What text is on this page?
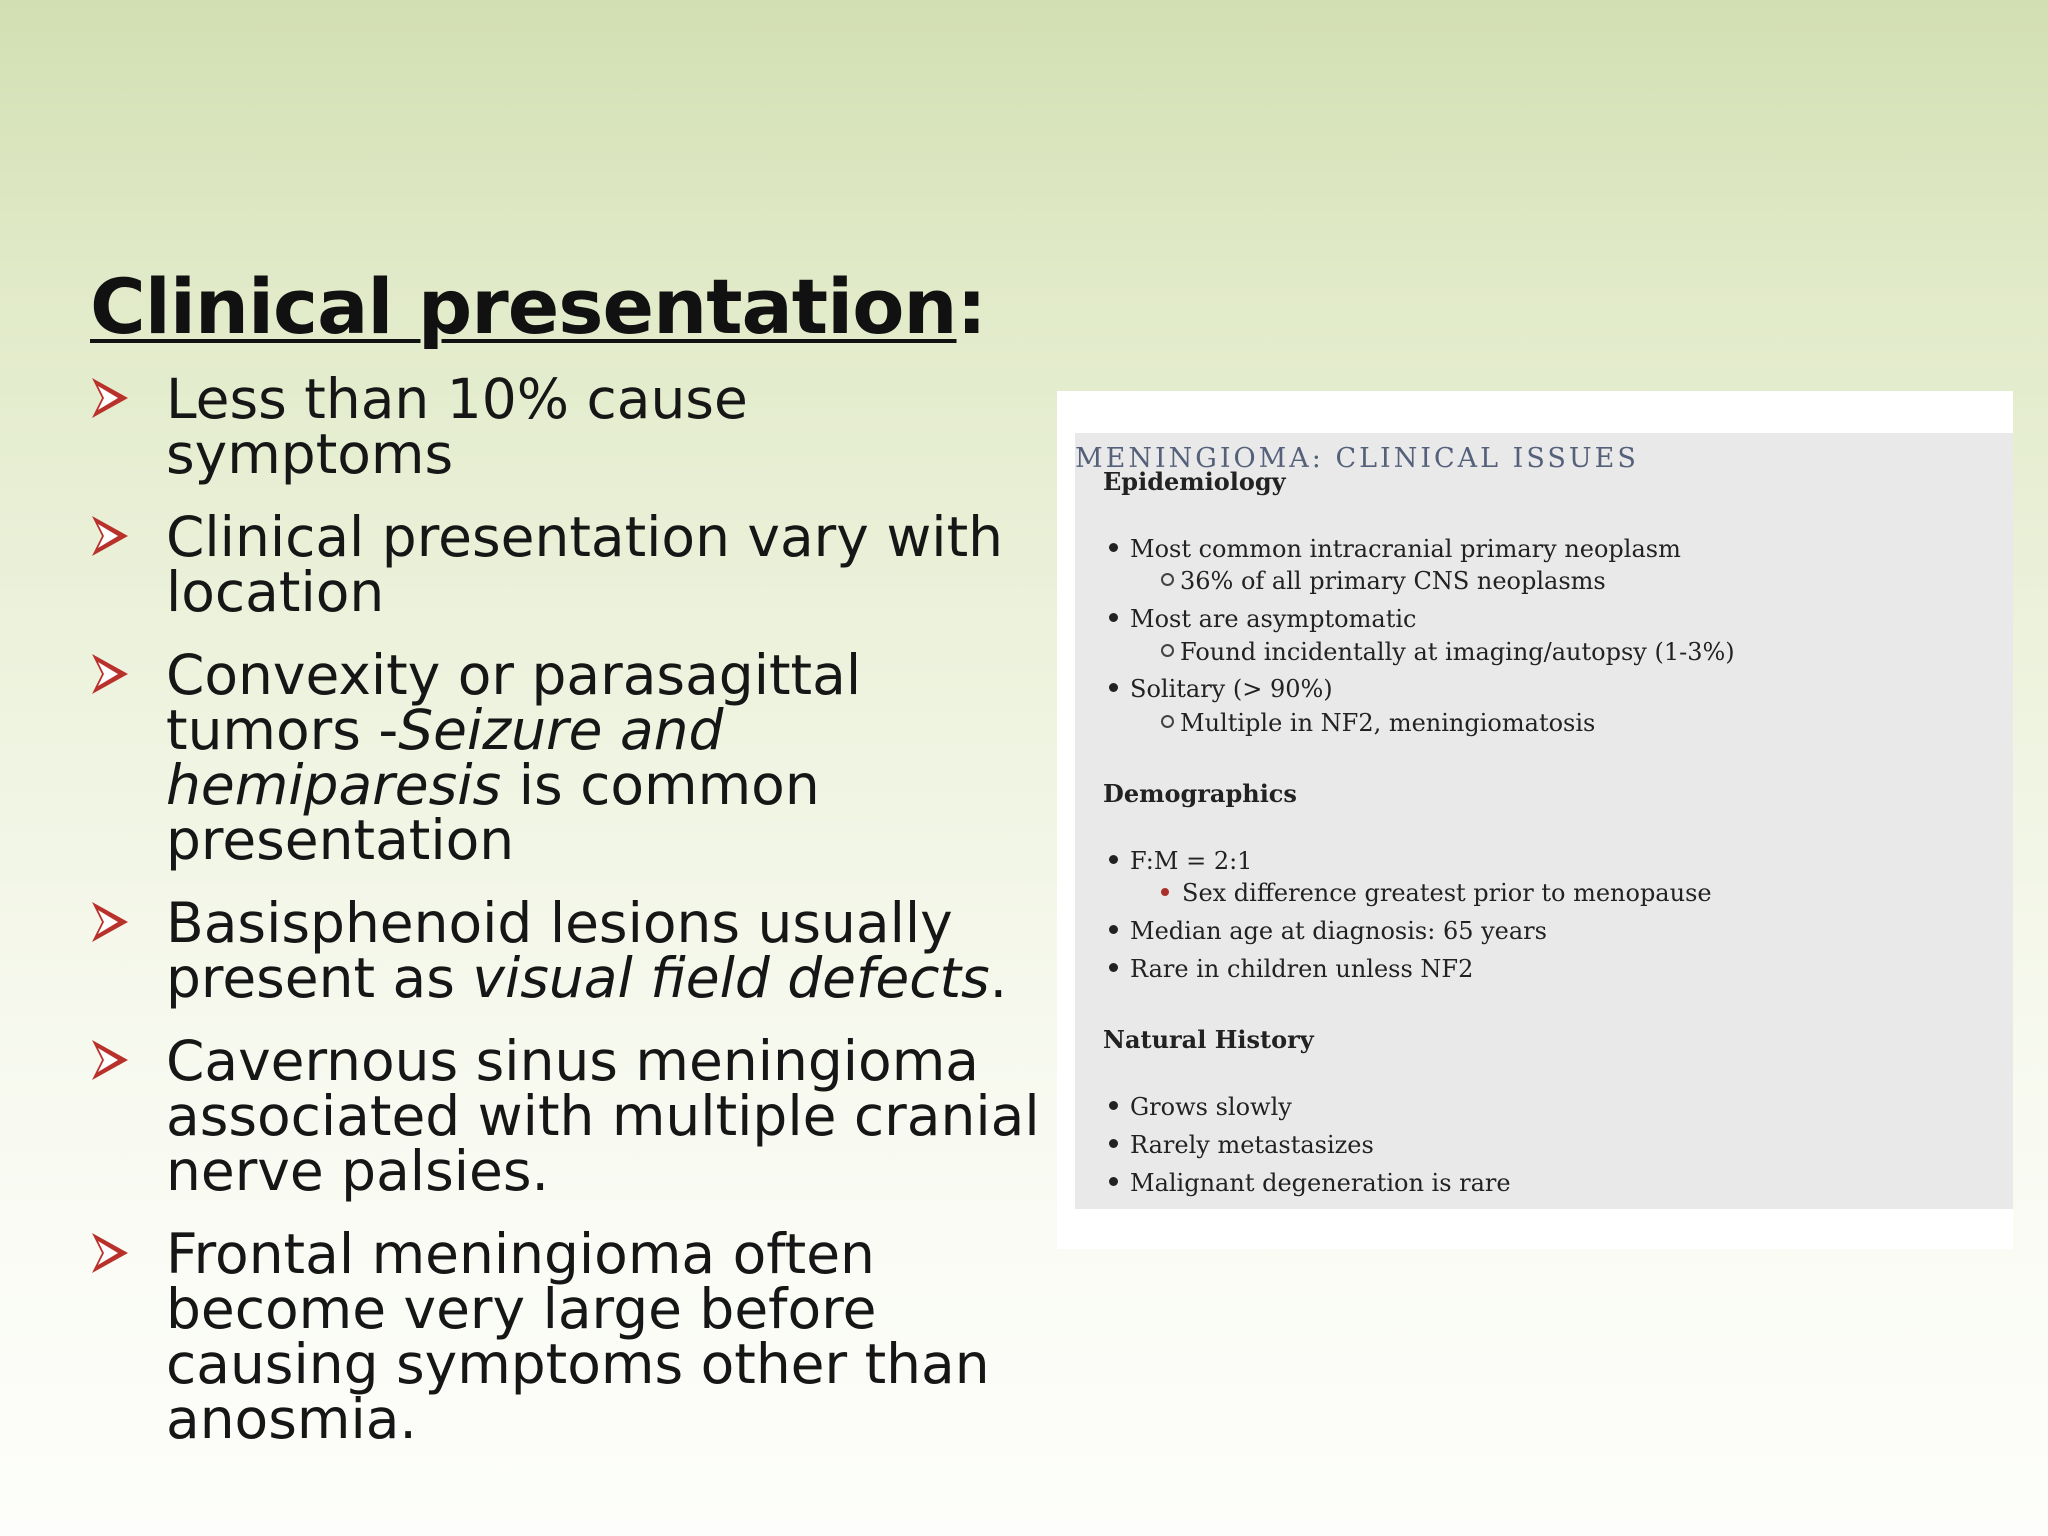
Clinical presentation:
Less than 10% cause symptoms
Clinical presentation vary with location
Convexity or parasagittal tumors -Seizure and hemiparesis is common presentation
Basisphenoid lesions usually present as visual field defects.
Cavernous sinus meningioma associated with multiple cranial nerve palsies.
Frontal meningioma often become very large before causing symptoms other than anosmia.
MENINGIOMA: CLINICAL ISSUES
Epidemiology
Most common intracranial primary neoplasm
36% of all primary CNS neoplasms
Most are asymptomatic
Found incidentally at imaging/autopsy (1-3%)
Solitary (> 90%)
Multiple in NF2, meningiomatosis
Demographics
F:M = 2:1
Sex difference greatest prior to menopause
Median age at diagnosis: 65 years
Rare in children unless NF2
Natural History
Grows slowly
Rarely metastasizes
Malignant degeneration is rare
